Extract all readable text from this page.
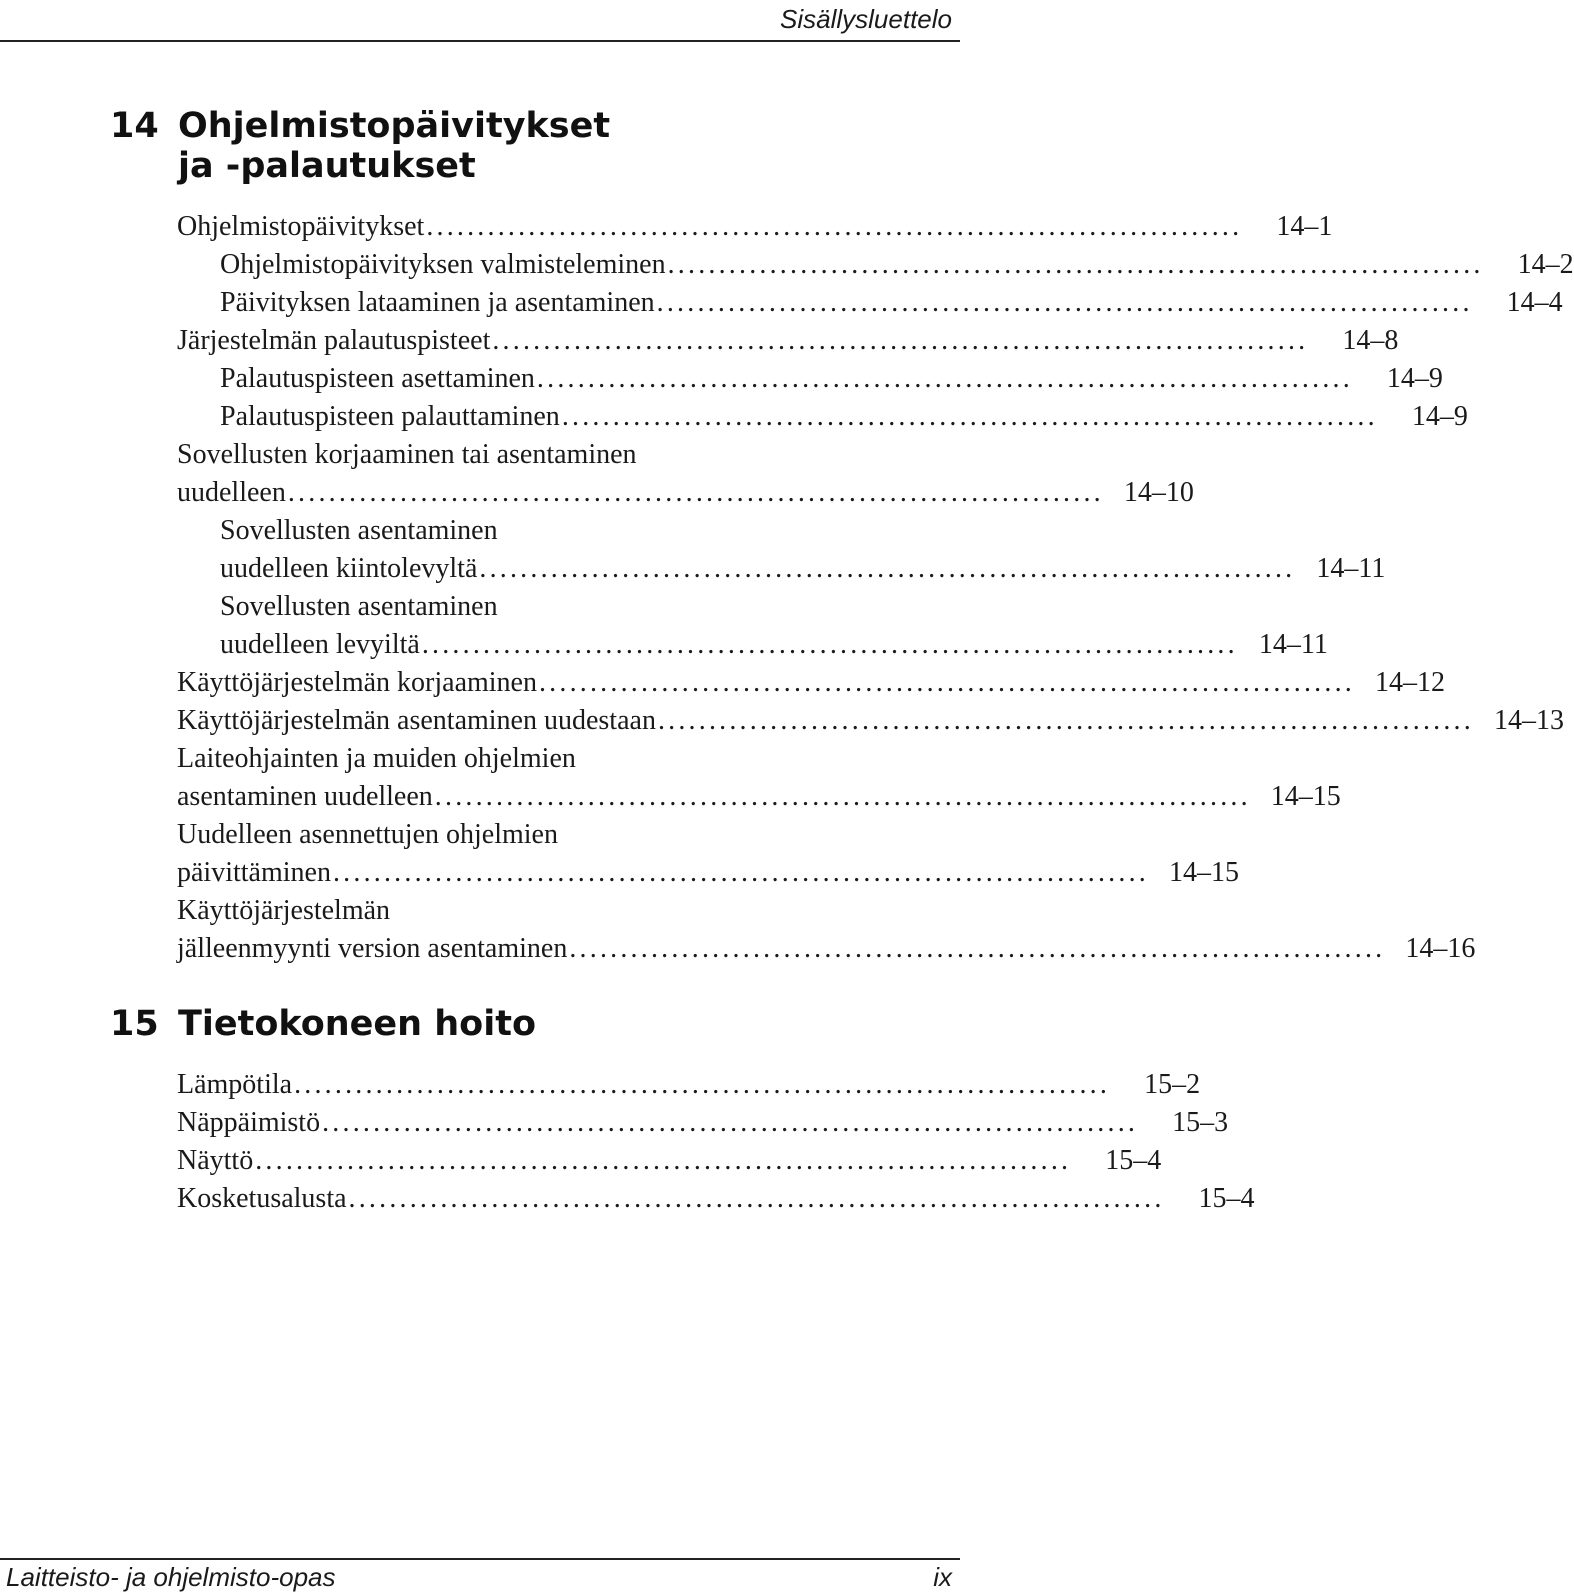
Sisällysluettelo
14 Ohjelmistopäivitykset
ja -palautukset
Ohjelmistopäivitykset ................................................................................	14–1
Ohjelmistopäivityksen valmisteleminen ................................................................................	14–2
Päivityksen lataaminen ja asentaminen ................................................................................	14–4
Järjestelmän palautuspisteet ................................................................................	14–8
Palautuspisteen asettaminen ................................................................................	14–9
Palautuspisteen palauttaminen ................................................................................	14–9
Sovellusten korjaaminen tai asentaminen
uudelleen ................................................................................ 14–10
Sovellusten asentaminen
uudelleen kiintolevyltä ................................................................................ 14–11
Sovellusten asentaminen
uudelleen levyiltä ................................................................................ 14–11
Käyttöjärjestelmän korjaaminen ................................................................................ 14–12
Käyttöjärjestelmän asentaminen uudestaan ................................................................................ 14–13
Laiteohjainten ja muiden ohjelmien
asentaminen uudelleen ................................................................................ 14–15
Uudelleen asennettujen ohjelmien
päivittäminen ................................................................................ 14–15
Käyttöjärjestelmän
jälleenmyynti version asentaminen ................................................................................ 14–16
15 Tietokoneen hoito
Lämpötila ................................................................................	15–2
Näppäimistö ................................................................................	15–3
Näyttö ................................................................................	15–4
Kosketusalusta ................................................................................	15–4
Laitteisto- ja ohjelmisto-opas	ix
